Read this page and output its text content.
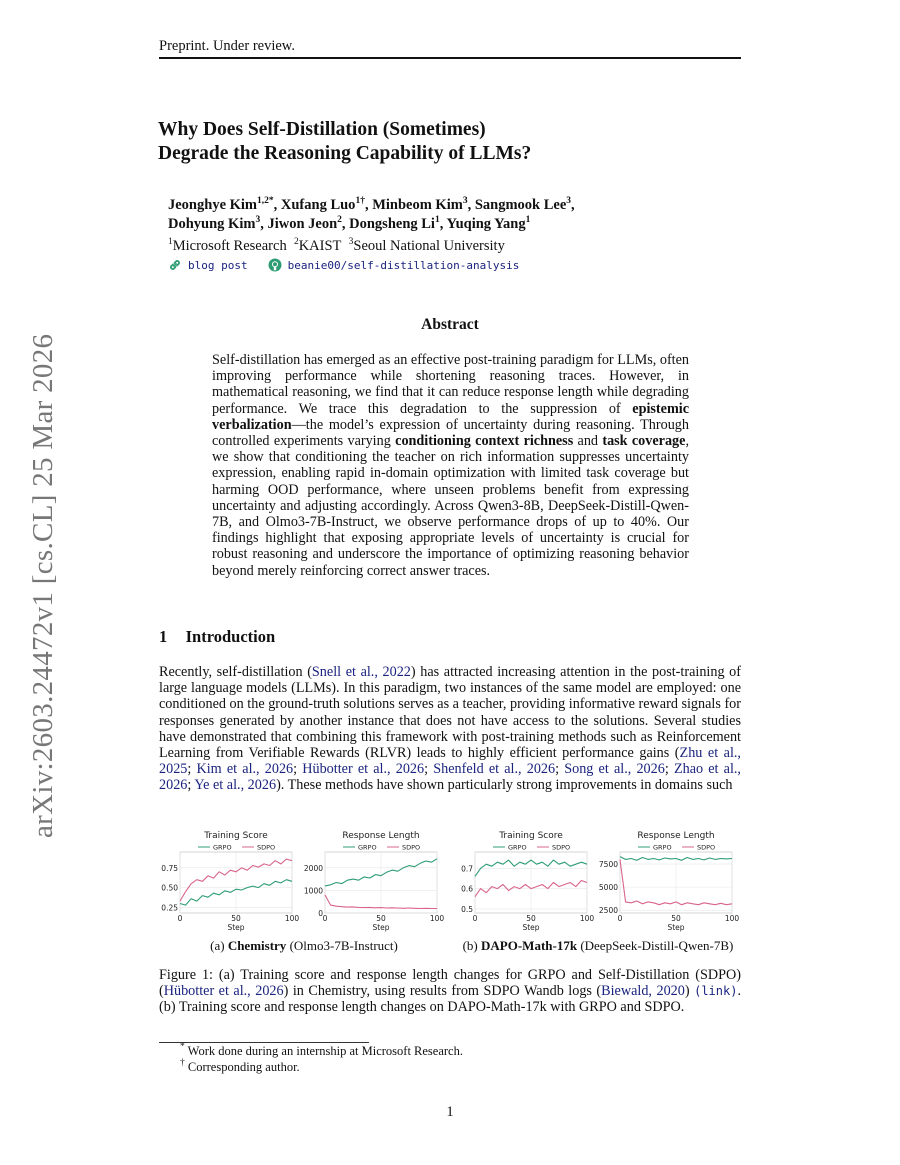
Preprint. Under review.
arXiv:2603.24472v1 [cs.CL] 25 Mar 2026
Why Does Self-Distillation (Sometimes)
Degrade the Reasoning Capability of LLMs?
Jeonghye Kim$^{1,2*}$, Xufang Luo$^{1\dagger}$, Minbeom Kim$^3$, Sangmook Lee$^3$,
Dohyung Kim$^3$, Jiwon Jeon$^2$, Dongsheng Li$^1$, Yuqing Yang$^1$
$^1$Microsoft Research  $^2$KAIST  $^3$Seoul National University
blog post	beanie00/self-distillation-analysis
Abstract
Self-distillation has emerged as an effective post-training paradigm for LLMs, often improving performance while shortening reasoning traces. However, in mathematical reasoning, we find that it can reduce response length while degrading performance. We trace this degradation to the suppression of epistemic verbalization—the model’s expression of uncertainty during reasoning. Through controlled experiments varying conditioning context richness and task coverage, we show that conditioning the teacher on rich information suppresses uncertainty expression, enabling rapid in-domain optimization with limited task coverage but harming OOD performance, where unseen problems benefit from expressing uncertainty and adjusting accordingly. Across Qwen3-8B, DeepSeek-Distill-Qwen-7B, and Olmo3-7B-Instruct, we observe performance drops of up to 40%. Our findings highlight that exposing appropriate levels of uncertainty is crucial for robust reasoning and underscore the importance of optimizing reasoning behavior beyond merely reinforcing correct answer traces.
1 Introduction
Recently, self-distillation (Snell et al., 2022) has attracted increasing attention in the post-training of large language models (LLMs). In this paradigm, two instances of the same model are employed: one conditioned on the ground-truth solutions serves as a teacher, providing informative reward signals for responses generated by another instance that does not have access to the solutions. Several studies have demonstrated that combining this framework with post-training methods such as Reinforcement Learning from Verifiable Rewards (RLVR) leads to highly efficient performance gains (Zhu et al., 2025; Kim et al., 2026; Hübotter et al., 2026; Shenfeld et al., 2026; Song et al., 2026; Zhao et al., 2026; Ye et al., 2026). These methods have shown particularly strong improvements in domains such
Training Score
GRPO	SDPO
0.25
0.50
0.75
0	50	100
Step
Response Length
GRPO	SDPO
0
1000
2000
0	50	100
Step
Training Score
GRPO	SDPO
0.5
0.6
0.7
0	50	100
Step
Response Length
GRPO	SDPO
2500
5000
7500
0	50	100
Step
(a) Chemistry (Olmo3-7B-Instruct)	(b) DAPO-Math-17k (DeepSeek-Distill-Qwen-7B)
Figure 1: (a) Training score and response length changes for GRPO and Self-Distillation (SDPO) (Hübotter et al., 2026) in Chemistry, using results from SDPO Wandb logs (Biewald, 2020) (link). (b) Training score and response length changes on DAPO-Math-17k with GRPO and SDPO.
* Work done during an internship at Microsoft Research.
† Corresponding author.
1
